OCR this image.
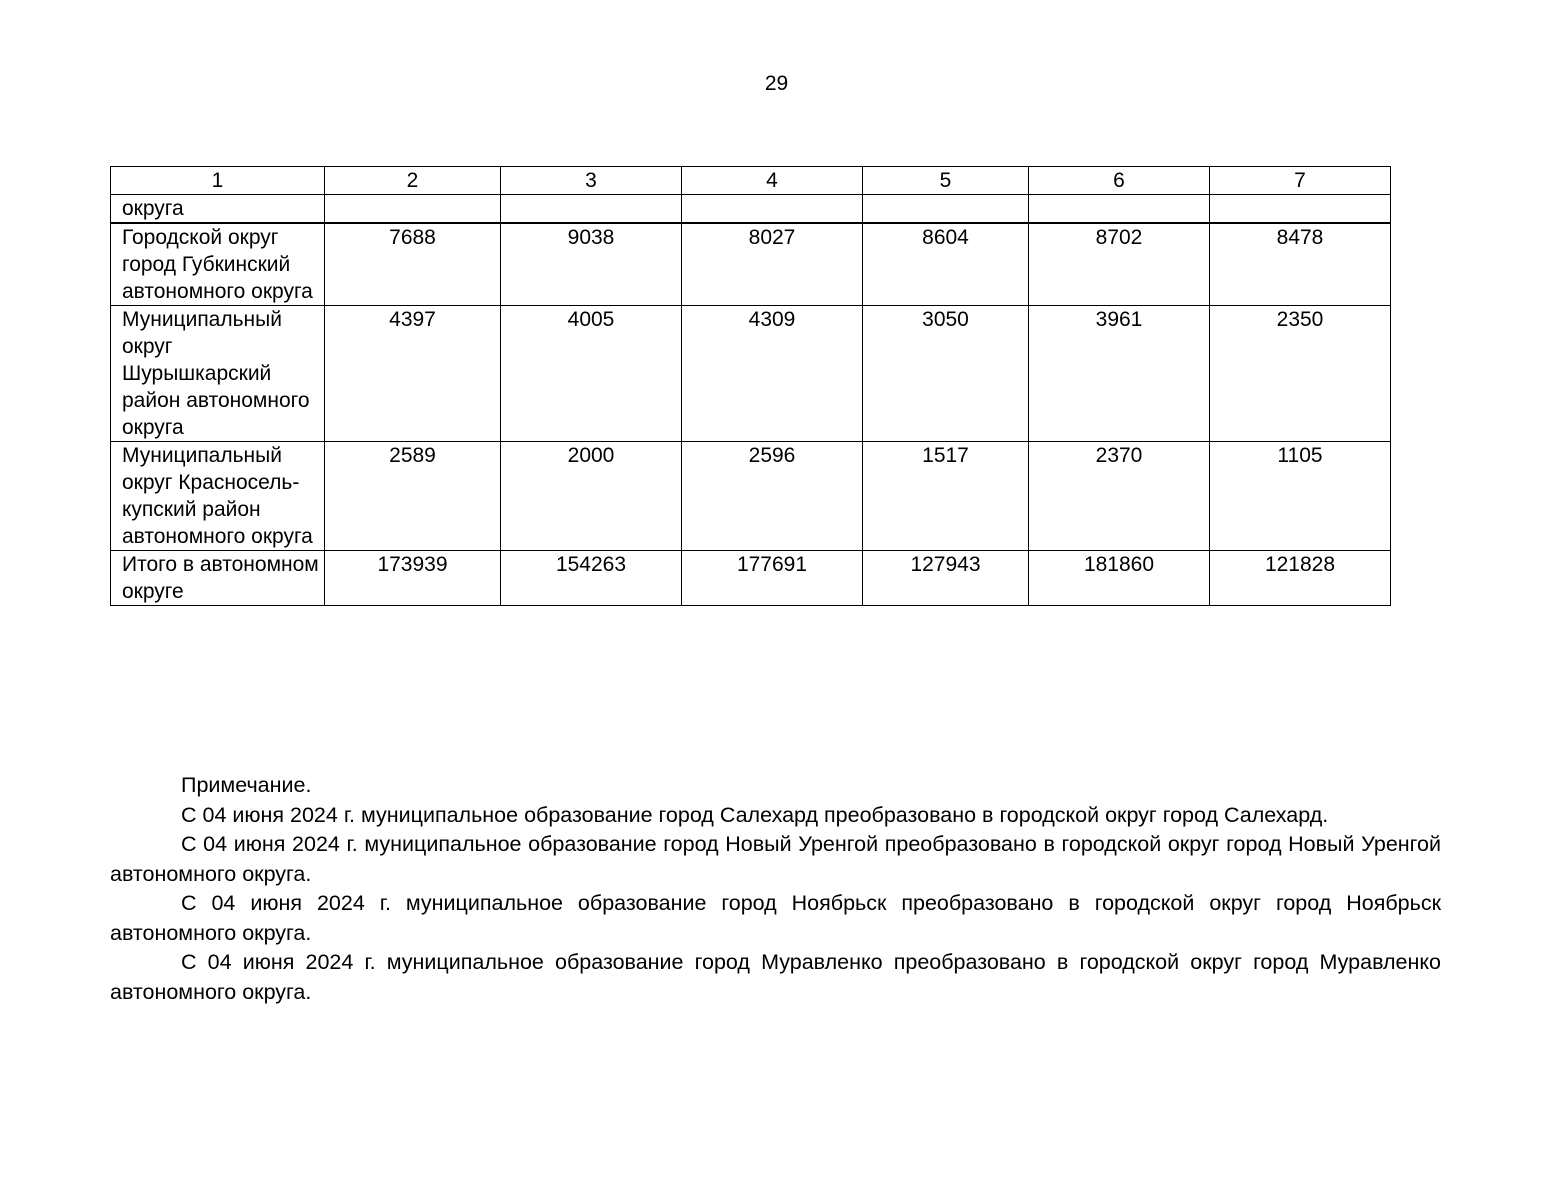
29
1	2	3	4	5	6	7
округа						
Городской округ город Губкинский автономного округа	7688	9038	8027	8604	8702	8478
Муниципальный округ Шурышкарский район автономного округа	4397	4005	4309	3050	3961	2350
Муниципальный округ Красносель-купский район автономного округа	2589	2000	2596	1517	2370	1105
Итого в автономном округе	173939	154263	177691	127943	181860	121828

Примечание.

С 04 июня 2024 г. муниципальное образование город Салехард преобразовано в городской округ город Салехард.

С 04 июня 2024 г. муниципальное образование город Новый Уренгой преобразовано в городской округ город Новый Уренгой автономного округа.

С 04 июня 2024 г. муниципальное образование город Ноябрьск преобразовано в городской округ город Ноябрьск автономного округа.

С 04 июня 2024 г. муниципальное образование город Муравленко преобразовано в городской округ город Муравленко автономного округа.
